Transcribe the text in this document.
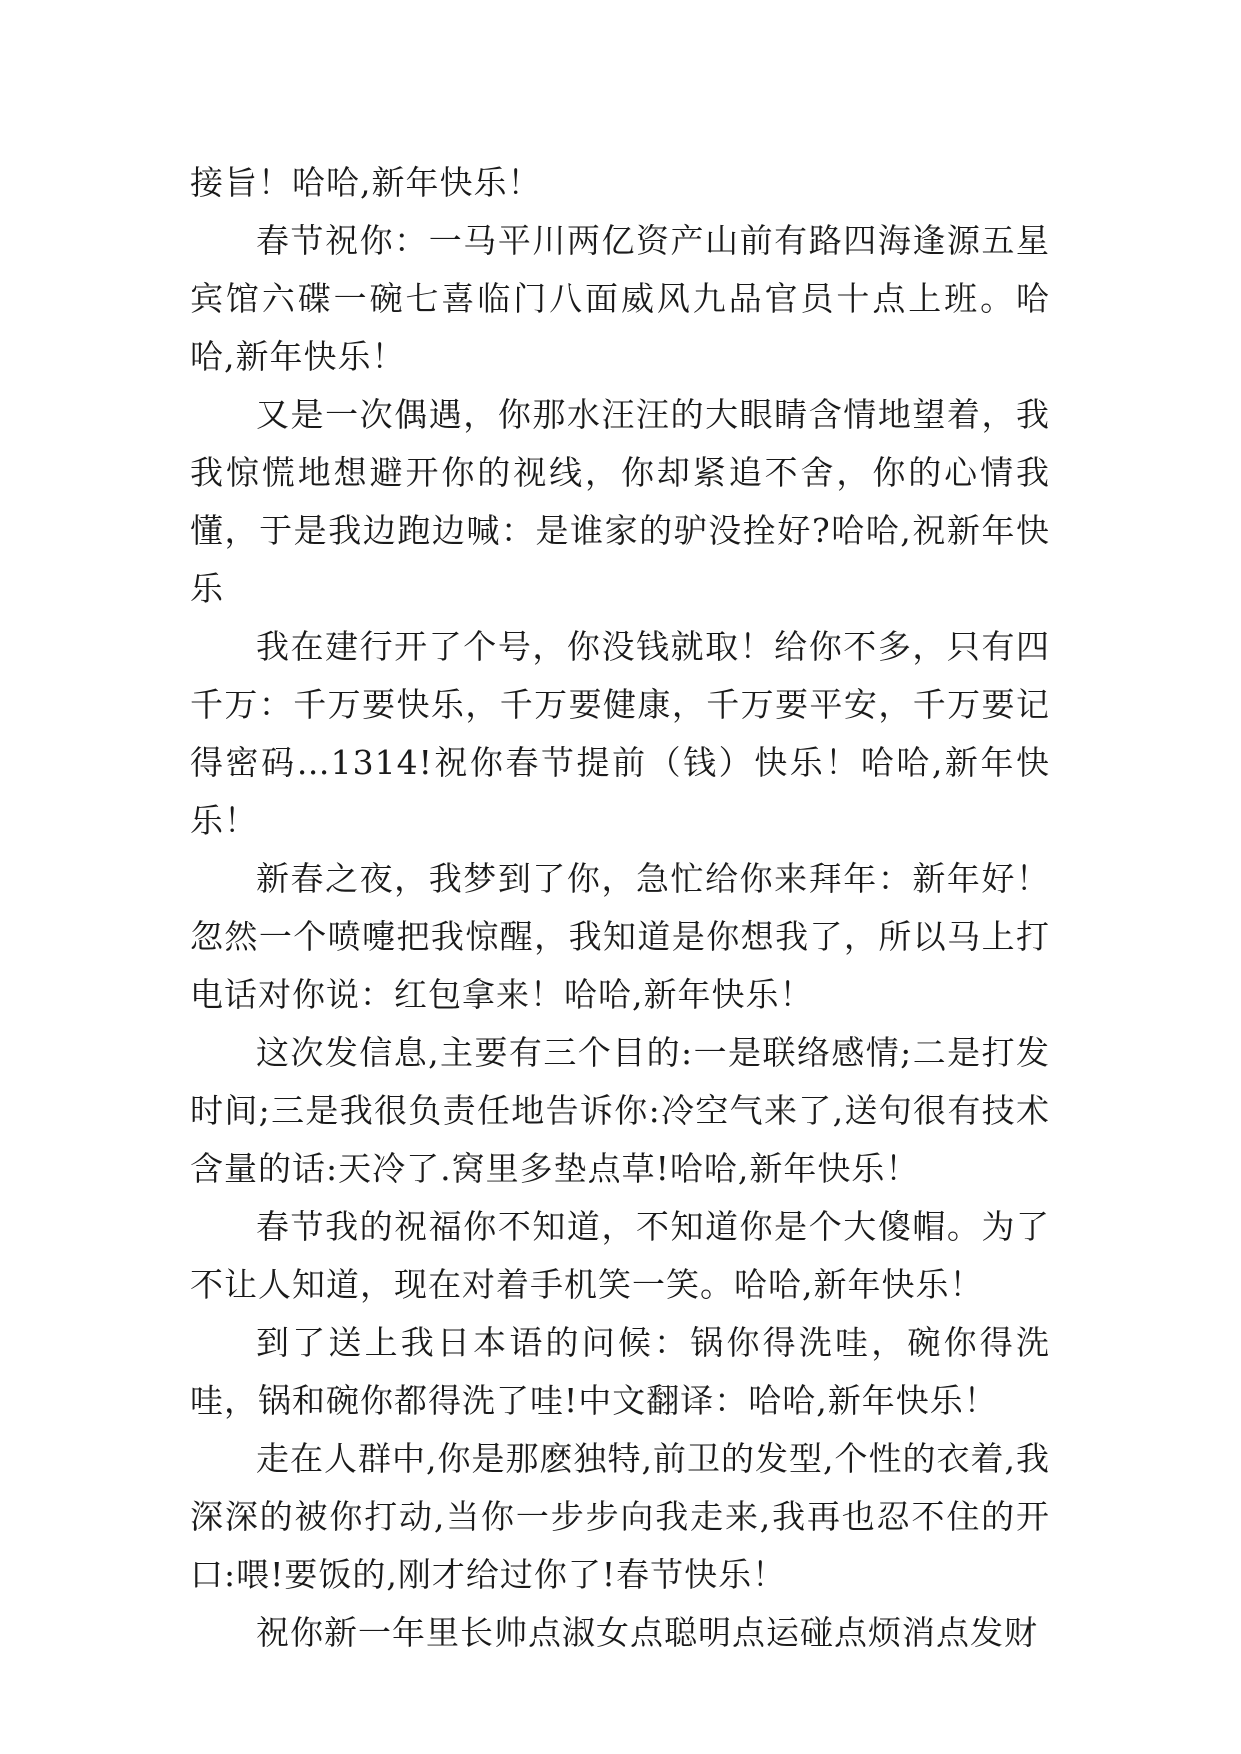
接旨！哈哈,新年快乐！

春节祝你：一马平川两亿资产山前有路四海逢源五星宾馆六碟一碗七喜临门八面威风九品官员十点上班。哈哈,新年快乐！

又是一次偶遇，你那水汪汪的大眼睛含情地望着，我我惊慌地想避开你的视线，你却紧追不舍，你的心情我懂，于是我边跑边喊：是谁家的驴没拴好?哈哈,祝新年快乐

我在建行开了个号，你没钱就取！给你不多，只有四千万：千万要快乐，千万要健康，千万要平安，千万要记得密码…1314!祝你春节提前（钱）快乐！哈哈,新年快乐！

新春之夜，我梦到了你，急忙给你来拜年：新年好！忽然一个喷嚏把我惊醒，我知道是你想我了，所以马上打电话对你说：红包拿来！哈哈,新年快乐！

这次发信息,主要有三个目的:一是联络感情;二是打发时间;三是我很负责任地告诉你:冷空气来了,送句很有技术含量的话:天冷了.窝里多垫点草!哈哈,新年快乐！

春节我的祝福你不知道，不知道你是个大傻帽。为了不让人知道，现在对着手机笑一笑。哈哈,新年快乐！

到了送上我日本语的问候：锅你得洗哇，碗你得洗哇，锅和碗你都得洗了哇!中文翻译：哈哈,新年快乐！

走在人群中,你是那麽独特,前卫的发型,个性的衣着,我深深的被你打动,当你一步步向我走来,我再也忍不住的开口:喂!要饭的,刚才给过你了!春节快乐！

祝你新一年里长帅点淑女点聪明点运碰点烦消点发财
